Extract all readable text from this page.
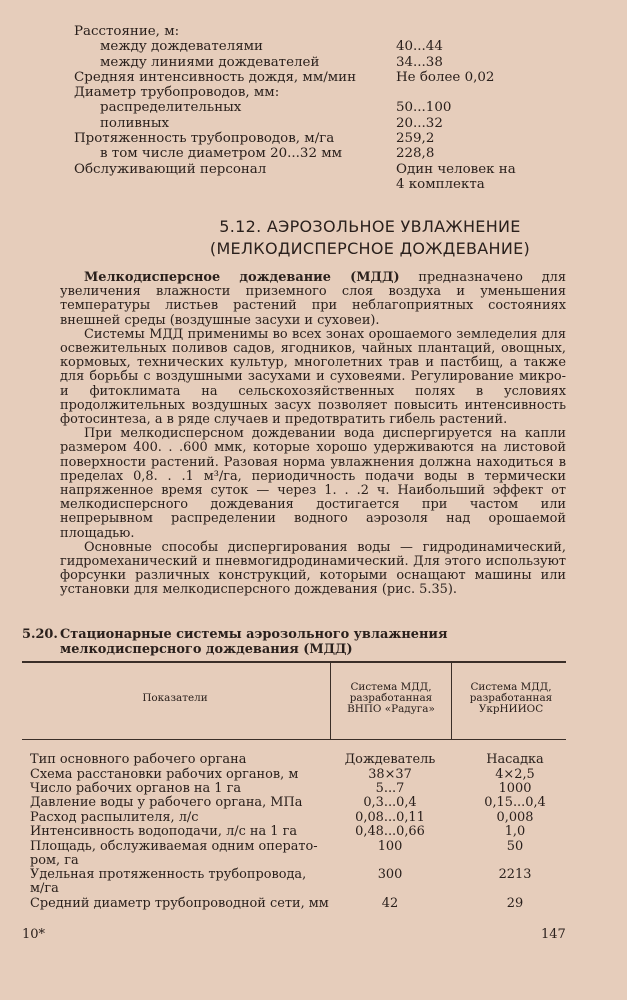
Расстояние, м:
между дождевателями	40...44
между линиями дождевателей	34...38
Средняя интенсивность дождя, мм/мин	Не более 0,02
Диаметр трубопроводов, мм:
распределительных	50...100
поливных	20...32
Протяженность трубопроводов, м/га	259,2
в том числе диаметром 20...32 мм	228,8
Обслуживающий персонал	Один человек на
4 комплекта
5.12. АЭРОЗОЛЬНОЕ УВЛАЖНЕНИЕ
(МЕЛКОДИСПЕРСНОЕ ДОЖДЕВАНИЕ)

Мелкодисперсное дождевание (МДД) предназначено для увеличения влажности приземного слоя воздуха и уменьшения температуры листьев растений при неблагоприятных состояниях внешней среды (воздушные засухи и суховеи).

Системы МДД применимы во всех зонах орошаемого земледелия для освежительных поливов садов, ягодников, чайных плантаций, овощных, кормовых, технических культур, многолетних трав и пастбищ, а также для борьбы с воздушными засухами и суховеями. Регулирование микро- и фитоклимата на сельскохозяйственных полях в условиях продолжительных воздушных засух позволяет повысить интенсивность фотосинтеза, а в ряде случаев и предотвратить гибель растений.

При мелкодисперсном дождевании вода диспергируется на капли размером 400. . .600 ммк, которые хорошо удерживаются на листовой поверхности растений. Разовая норма увлажнения должна находиться в пределах 0,8. . .1 м³/га, периодичность подачи воды в термически напряженное время суток — через 1. . .2 ч. Наибольший эффект от мелкодисперсного дождевания достигается при частом или непрерывном распределении водного аэрозоля над орошаемой площадью.

Основные способы диспергирования воды — гидродинамический, гидромеханический и пневмогидродинамический. Для этого используют форсунки различных конструкций, которыми оснащают машины или установки для мелкодисперсного дождевания (рис. 5.35).

5.20. Стационарные системы аэрозольного увлажнения
мелкодисперсного дождевания (МДД)
Показатели
Система МДД,
разработанная
ВНПО «Радуга»
Система МДД,
разработанная
УкрНИИОС
Тип основного рабочего органа	Дождеватель	Насадка
Схема расстановки рабочих органов, м	38×37	4×2,5
Число рабочих органов на 1 га	5...7	1000
Давление воды у рабочего органа, МПа	0,3...0,4	0,15...0,4
Расход распылителя, л/с	0,08...0,11	0,008
Интенсивность водоподачи, л/с на 1 га	0,48...0,66	1,0
Площадь, обслуживаемая одним операто-
ром, га
100	50
Удельная протяженность трубопровода,
м/га
300	2213
Средний диаметр трубопроводной сети, мм	42	29
10*	147
